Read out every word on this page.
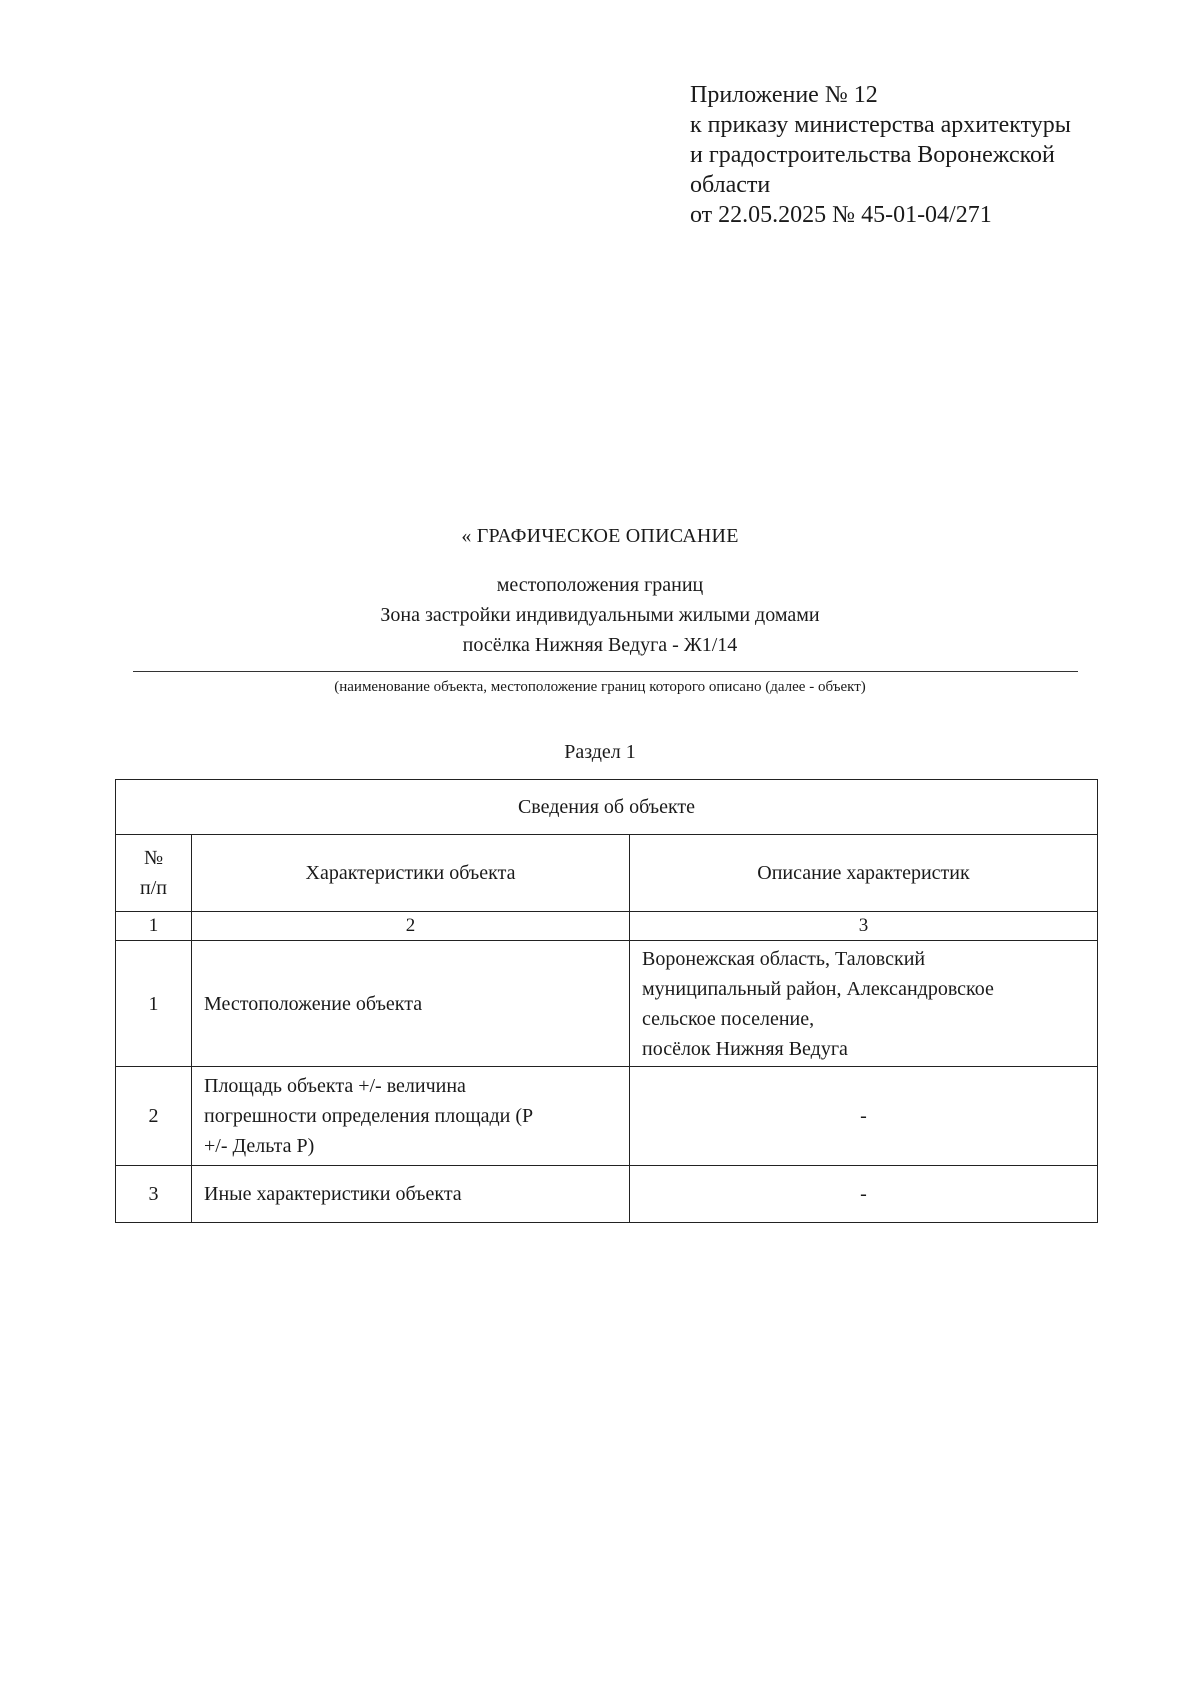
Приложение № 12
к приказу министерства архитектуры
и градостроительства Воронежской
области
от 22.05.2025 № 45-01-04/271
« ГРАФИЧЕСКОЕ ОПИСАНИЕ
местоположения границ
Зона застройки индивидуальными жилыми домами
посёлка Нижняя Ведуга - Ж1/14
(наименование объекта, местоположение границ которого описано (далее - объект)
Раздел 1
Сведения об объекте		

№
п/п	Характеристики объекта	Описание характеристик
1	2	3
1	Местоположение объекта	Воронежская область, Таловский
муниципальный район, Александровское
сельское поселение,
посёлок Нижняя Ведуга

2	Площадь объекта +/- величина
погрешности определения площади (Р
+/- Дельта Р)	-
3	Иные характеристики объекта	-
